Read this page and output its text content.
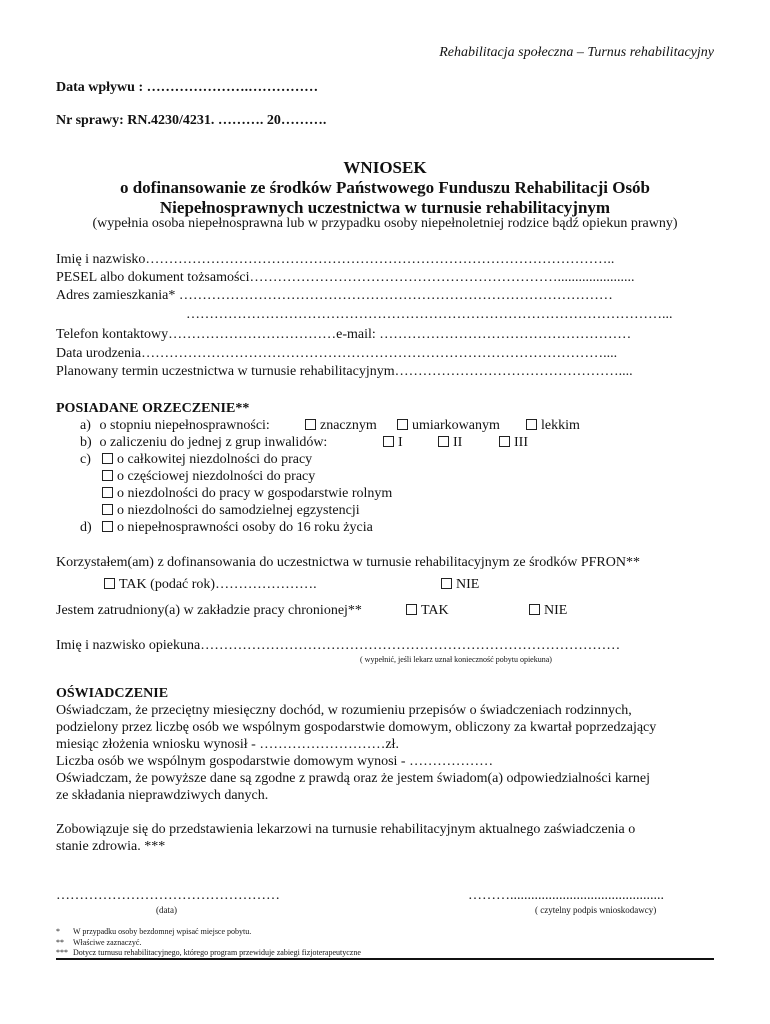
Rehabilitacja społeczna – Turnus rehabilitacyjny
Data wpływu : ………………….……………
Nr sprawy: RN.4230/4231. ………. 20……….
WNIOSEK
o dofinansowanie ze środków Państwowego Funduszu Rehabilitacji Osób
Niepełnosprawnych uczestnictwa w turnusie rehabilitacyjnym
(wypełnia osoba niepełnosprawna lub w przypadku osoby niepełnoletniej rodzice bądź opiekun prawny)
Imię i nazwisko………………………………………………………………………………………..
PESEL albo dokument tożsamości…………………………………………………………......................
Adres zamieszkania* …………………………………………………………………………………
…………………………………………………………………………………………...
Telefon kontaktowy………………………………e-mail: ………………………………………………
Data urodzenia………………………………………………………………………………………....
Planowany termin uczestnictwa w turnusie rehabilitacyjnym…………………………………………....
POSIADANE ORZECZENIE**
a) o stopniu niepełnosprawności:	znacznym	umiarkowanym	lekkim
b) o zaliczeniu do jednej z grup inwalidów:	I	II	III
c)	o całkowitej niezdolności do pracy
o częściowej niezdolności do pracy
o niezdolności do pracy w gospodarstwie rolnym
o niezdolności do samodzielnej egzystencji
d)	o niepełnosprawności osoby do 16 roku życia
Korzystałem(am) z dofinansowania do uczestnictwa w turnusie rehabilitacyjnym ze środków PFRON**
TAK (podać rok)………………….	NIE
Jestem zatrudniony(a) w zakładzie pracy chronionej**	TAK	NIE
Imię i nazwisko opiekuna………………………………………………………………………………
( wypełnić, jeśli lekarz uznał konieczność pobytu opiekuna)
OŚWIADCZENIE
Oświadczam, że przeciętny miesięczny dochód, w rozumieniu przepisów o świadczeniach rodzinnych,
podzielony przez liczbę osób we wspólnym gospodarstwie domowym, obliczony za kwartał poprzedzający
miesiąc złożenia wniosku wynosił - ………………………zł.
Liczba osób we wspólnym gospodarstwie domowym wynosi - ………………
Oświadczam, że powyższe dane są zgodne z prawdą oraz że jestem świadom(a) odpowiedzialności karnej
ze składania nieprawdziwych danych.
Zobowiązuje się do przedstawienia lekarzowi na turnusie rehabilitacyjnym aktualnego zaświadczenia o
stanie zdrowia. ***
…………………………………………
(data)
………............................................
( czytelny podpis wnioskodawcy)
* W przypadku osoby bezdomnej wpisać miejsce pobytu.
** Właściwe zaznaczyć.
*** Dotycz turnusu rehabilitacyjnego, którego program przewiduje zabiegi fizjoterapeutyczne
